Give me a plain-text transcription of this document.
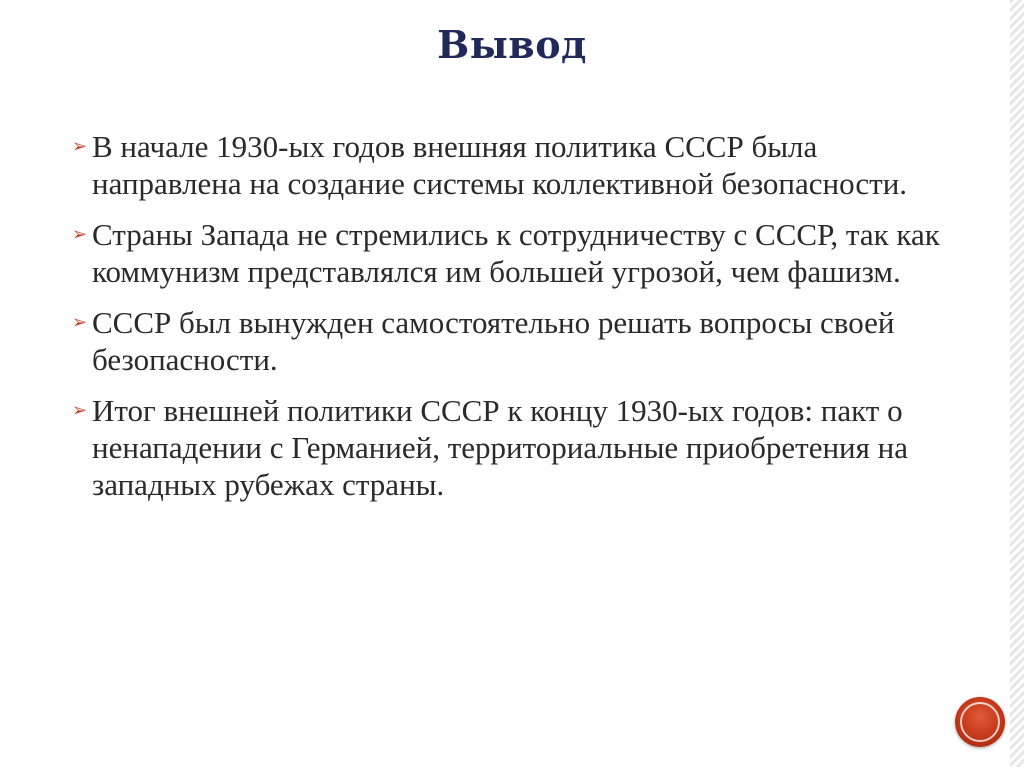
Вывод
➢ В начале 1930-ых годов внешняя политика СССР была направлена на создание системы коллективной безопасности.
➢ Страны Запада не стремились к сотрудничеству с СССР, так как коммунизм представлялся им большей угрозой, чем фашизм.
➢ СССР был вынужден самостоятельно решать вопросы своей безопасности.
➢ Итог внешней политики СССР к концу 1930-ых годов: пакт о ненападении с Германией, территориальные приобретения на западных рубежах страны.
